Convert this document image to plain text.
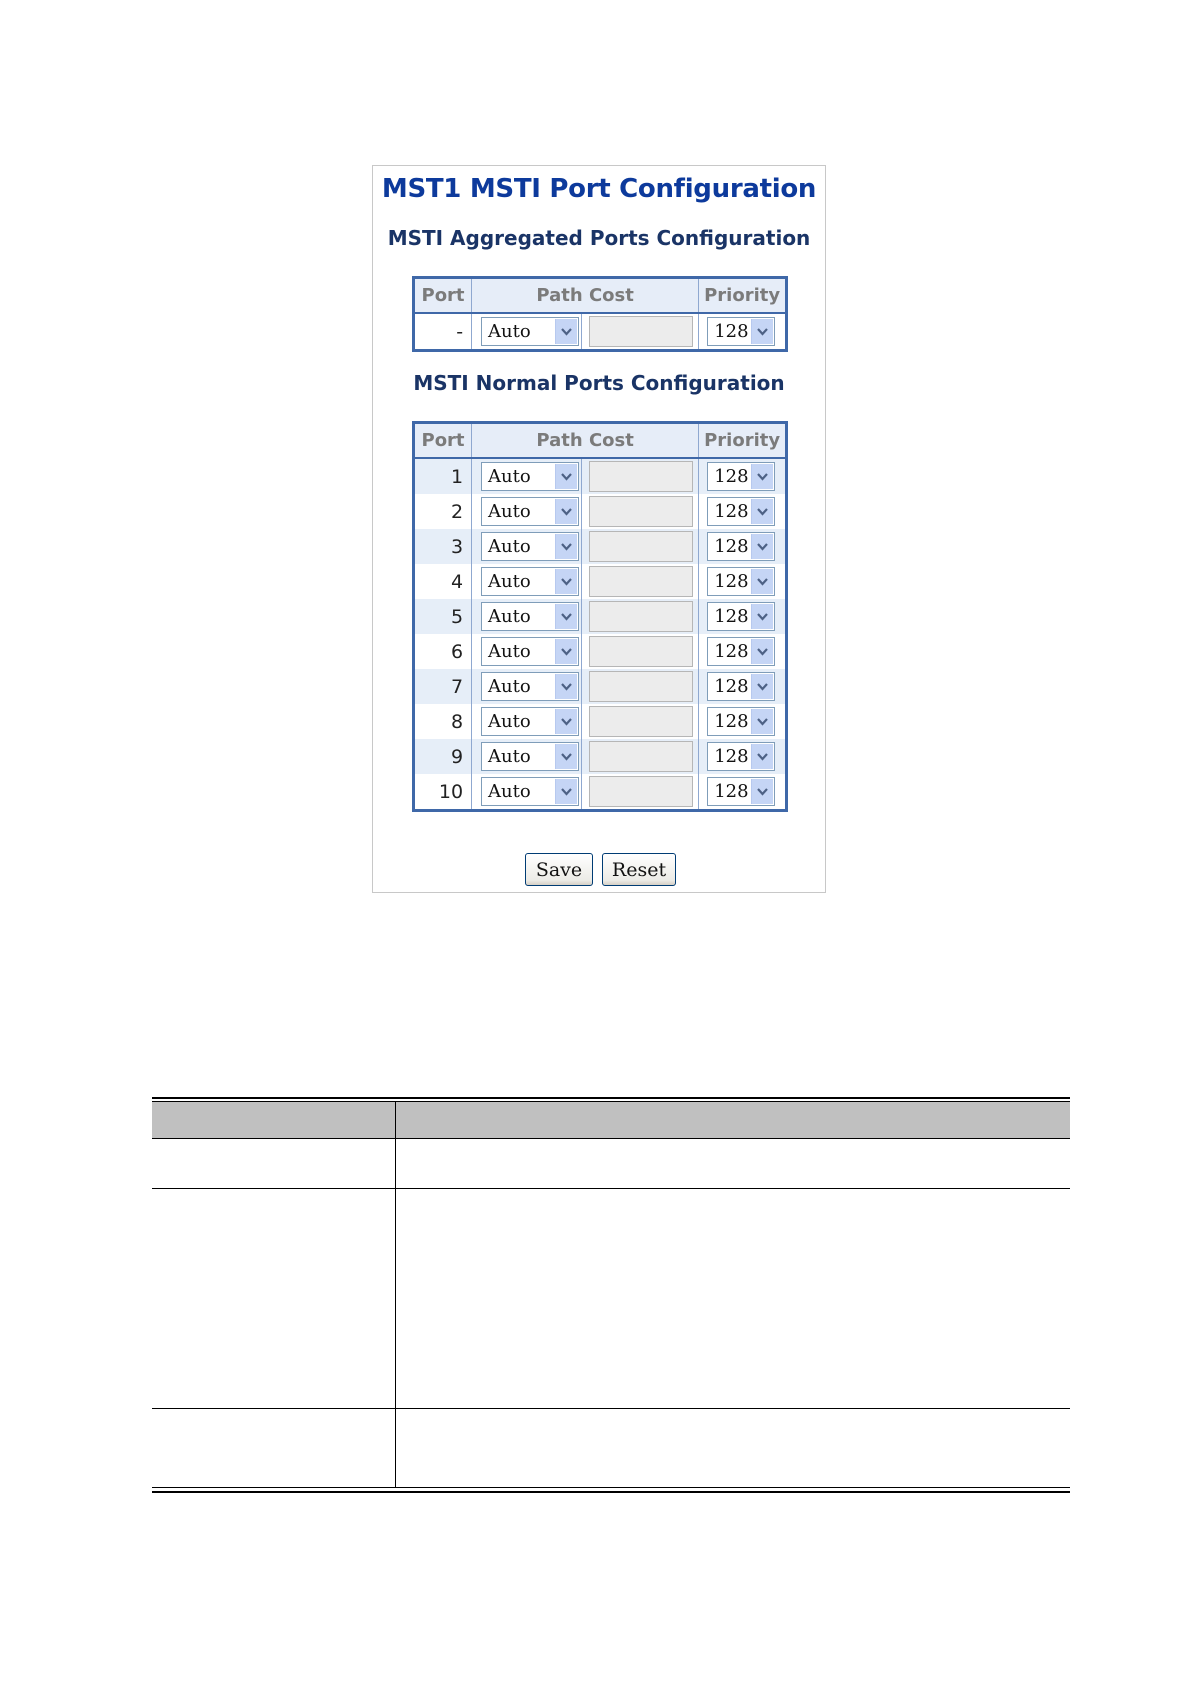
MST1 MSTI Port Configuration
MSTI Aggregated Ports Configuration
Port	Path Cost		Priority
-	Auto		128
MSTI Normal Ports Configuration
Port	Path Cost		Priority
1	Auto		128

2	Auto		128

3	Auto		128

4	Auto		128

5	Auto		128

6	Auto		128

7	Auto		128

8	Auto		128

9	Auto		128

10	Auto		128
Save	Reset
